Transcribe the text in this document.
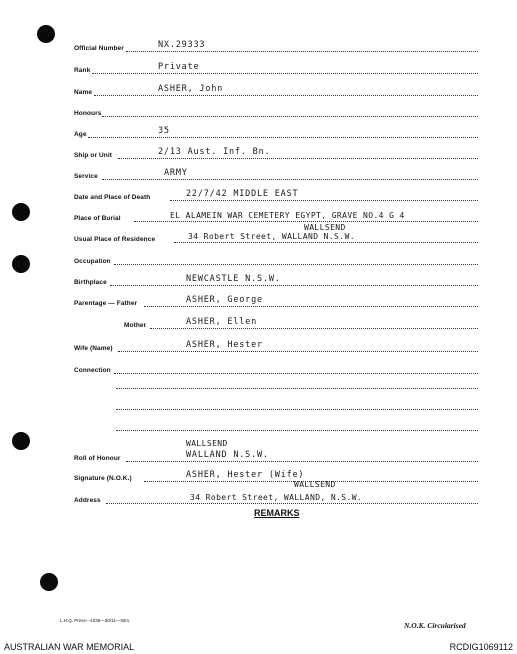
Official Number	NX.29333
Rank	Private
Name	ASHER, John
Honours
Age	35
Ship or Unit	2/13 Aust. Inf. Bn.
Service	ARMY
Date and Place of Death	22/7/42 MIDDLE EAST
Place of Burial	EL ALAMEIN WAR CEMETERY EGYPT, GRAVE NO.4 G 4
Usual Place of Residence	34 Robert Street, WALLAND N.S.W.
WALLSEND
Occupation
Birthplace	NEWCASTLE N.S.W.
Parentage — Father	ASHER, George
Mother	ASHER, Ellen
Wife (Name)	ASHER, Hester
Connection
Roll of Honour	WALLAND N.S.W.
WALLSEND
Signature (N.O.K.)	ASHER, Hester (Wife)
Address	34 Robert Street, WALLAND, N.S.W.
WALLSEND
REMARKS
L.H.Q. Press—1035—30/11—30m.
N.O.K. Circularised
AUSTRALIAN WAR MEMORIAL	RCDIG1069112
